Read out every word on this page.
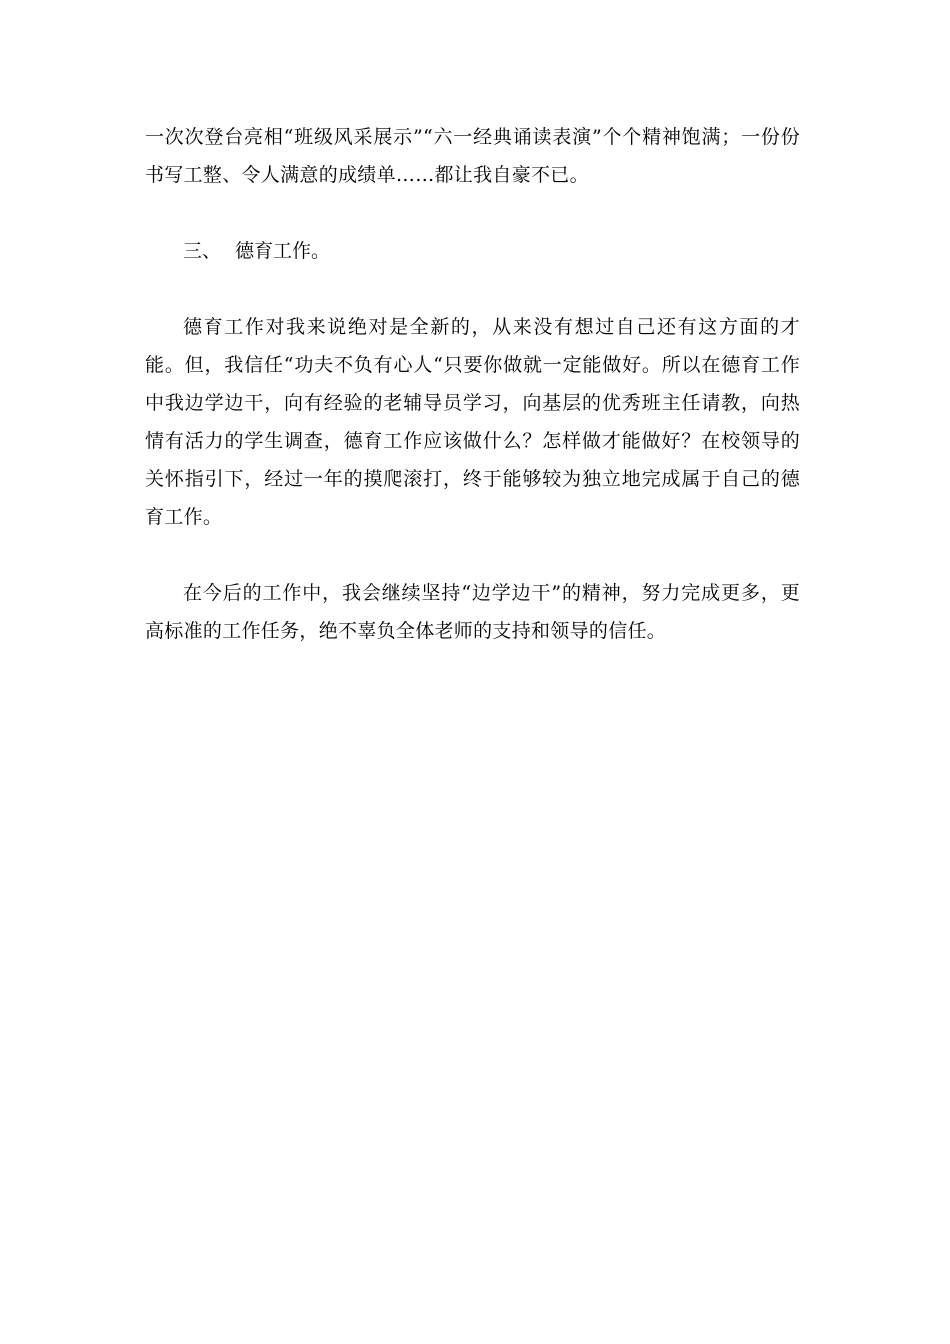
一次次登台亮相“班级风采展示”“六一经典诵读表演”个个精神饱满；一份份书写工整、令人满意的成绩单……都让我自豪不已。

三、 德育工作。

德育工作对我来说绝对是全新的，从来没有想过自己还有这方面的才能。但，我信任“功夫不负有心人“只要你做就一定能做好。所以在德育工作中我边学边干，向有经验的老辅导员学习，向基层的优秀班主任请教，向热情有活力的学生调查，德育工作应该做什么？怎样做才能做好？在校领导的关怀指引下，经过一年的摸爬滚打，终于能够较为独立地完成属于自己的德育工作。

在今后的工作中，我会继续坚持“边学边干”的精神，努力完成更多，更高标准的工作任务，绝不辜负全体老师的支持和领导的信任。
